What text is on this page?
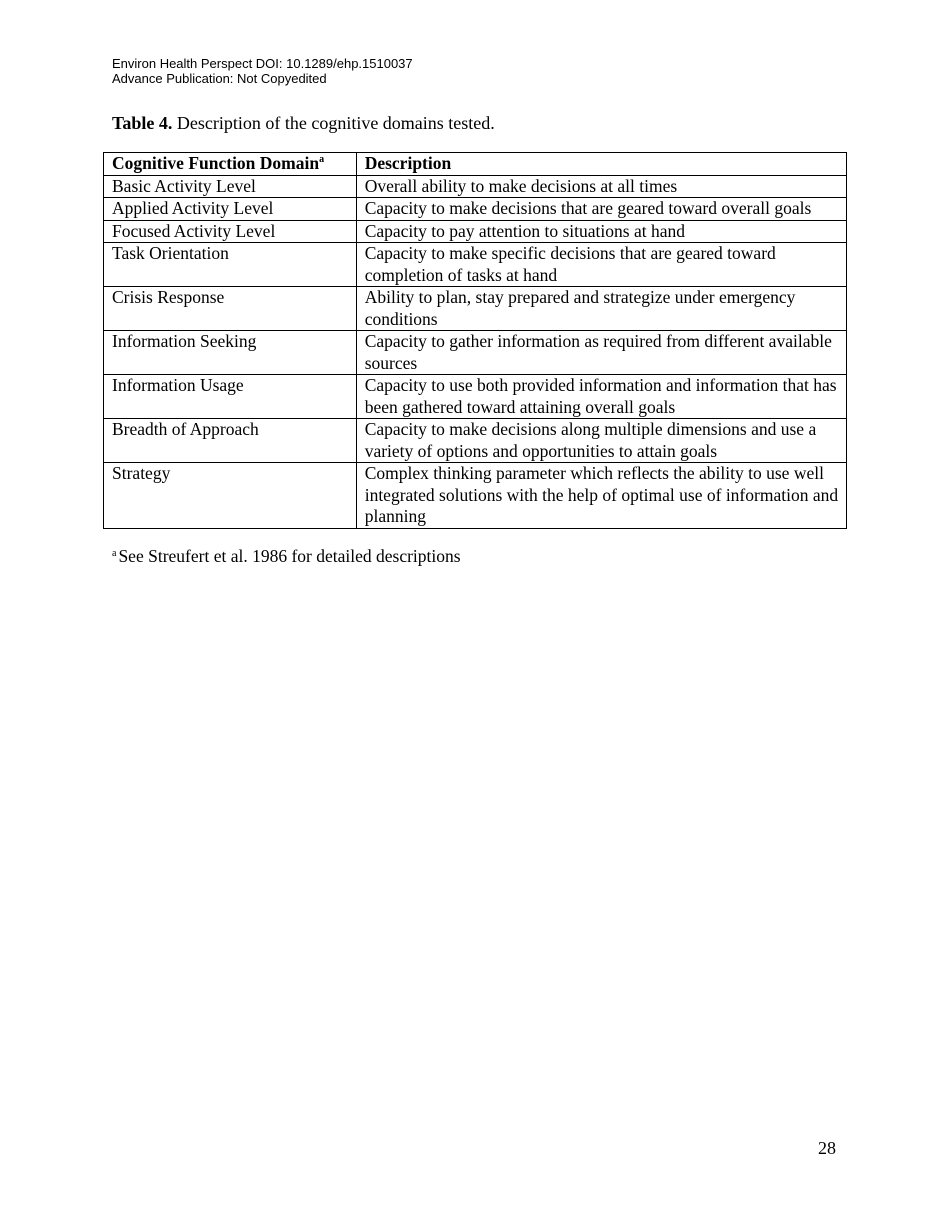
Environ Health Perspect DOI: 10.1289/ehp.1510037
Advance Publication: Not Copyedited
Table 4. Description of the cognitive domains tested.
Cognitive Function Domain$^a$	Description
Basic Activity Level	Overall ability to make decisions at all times
Applied Activity Level	Capacity to make decisions that are geared toward overall goals
Focused Activity Level	Capacity to pay attention to situations at hand
Task Orientation	Capacity to make specific decisions that are geared toward completion of tasks at hand
Crisis Response	Ability to plan, stay prepared and strategize under emergency conditions
Information Seeking	Capacity to gather information as required from different available sources
Information Usage	Capacity to use both provided information and information that has been gathered toward attaining overall goals
Breadth of Approach	Capacity to make decisions along multiple dimensions and use a variety of options and opportunities to attain goals
Strategy	Complex thinking parameter which reflects the ability to use well integrated solutions with the help of optimal use of information and planning
$^a$ See Streufert et al. 1986 for detailed descriptions
28
